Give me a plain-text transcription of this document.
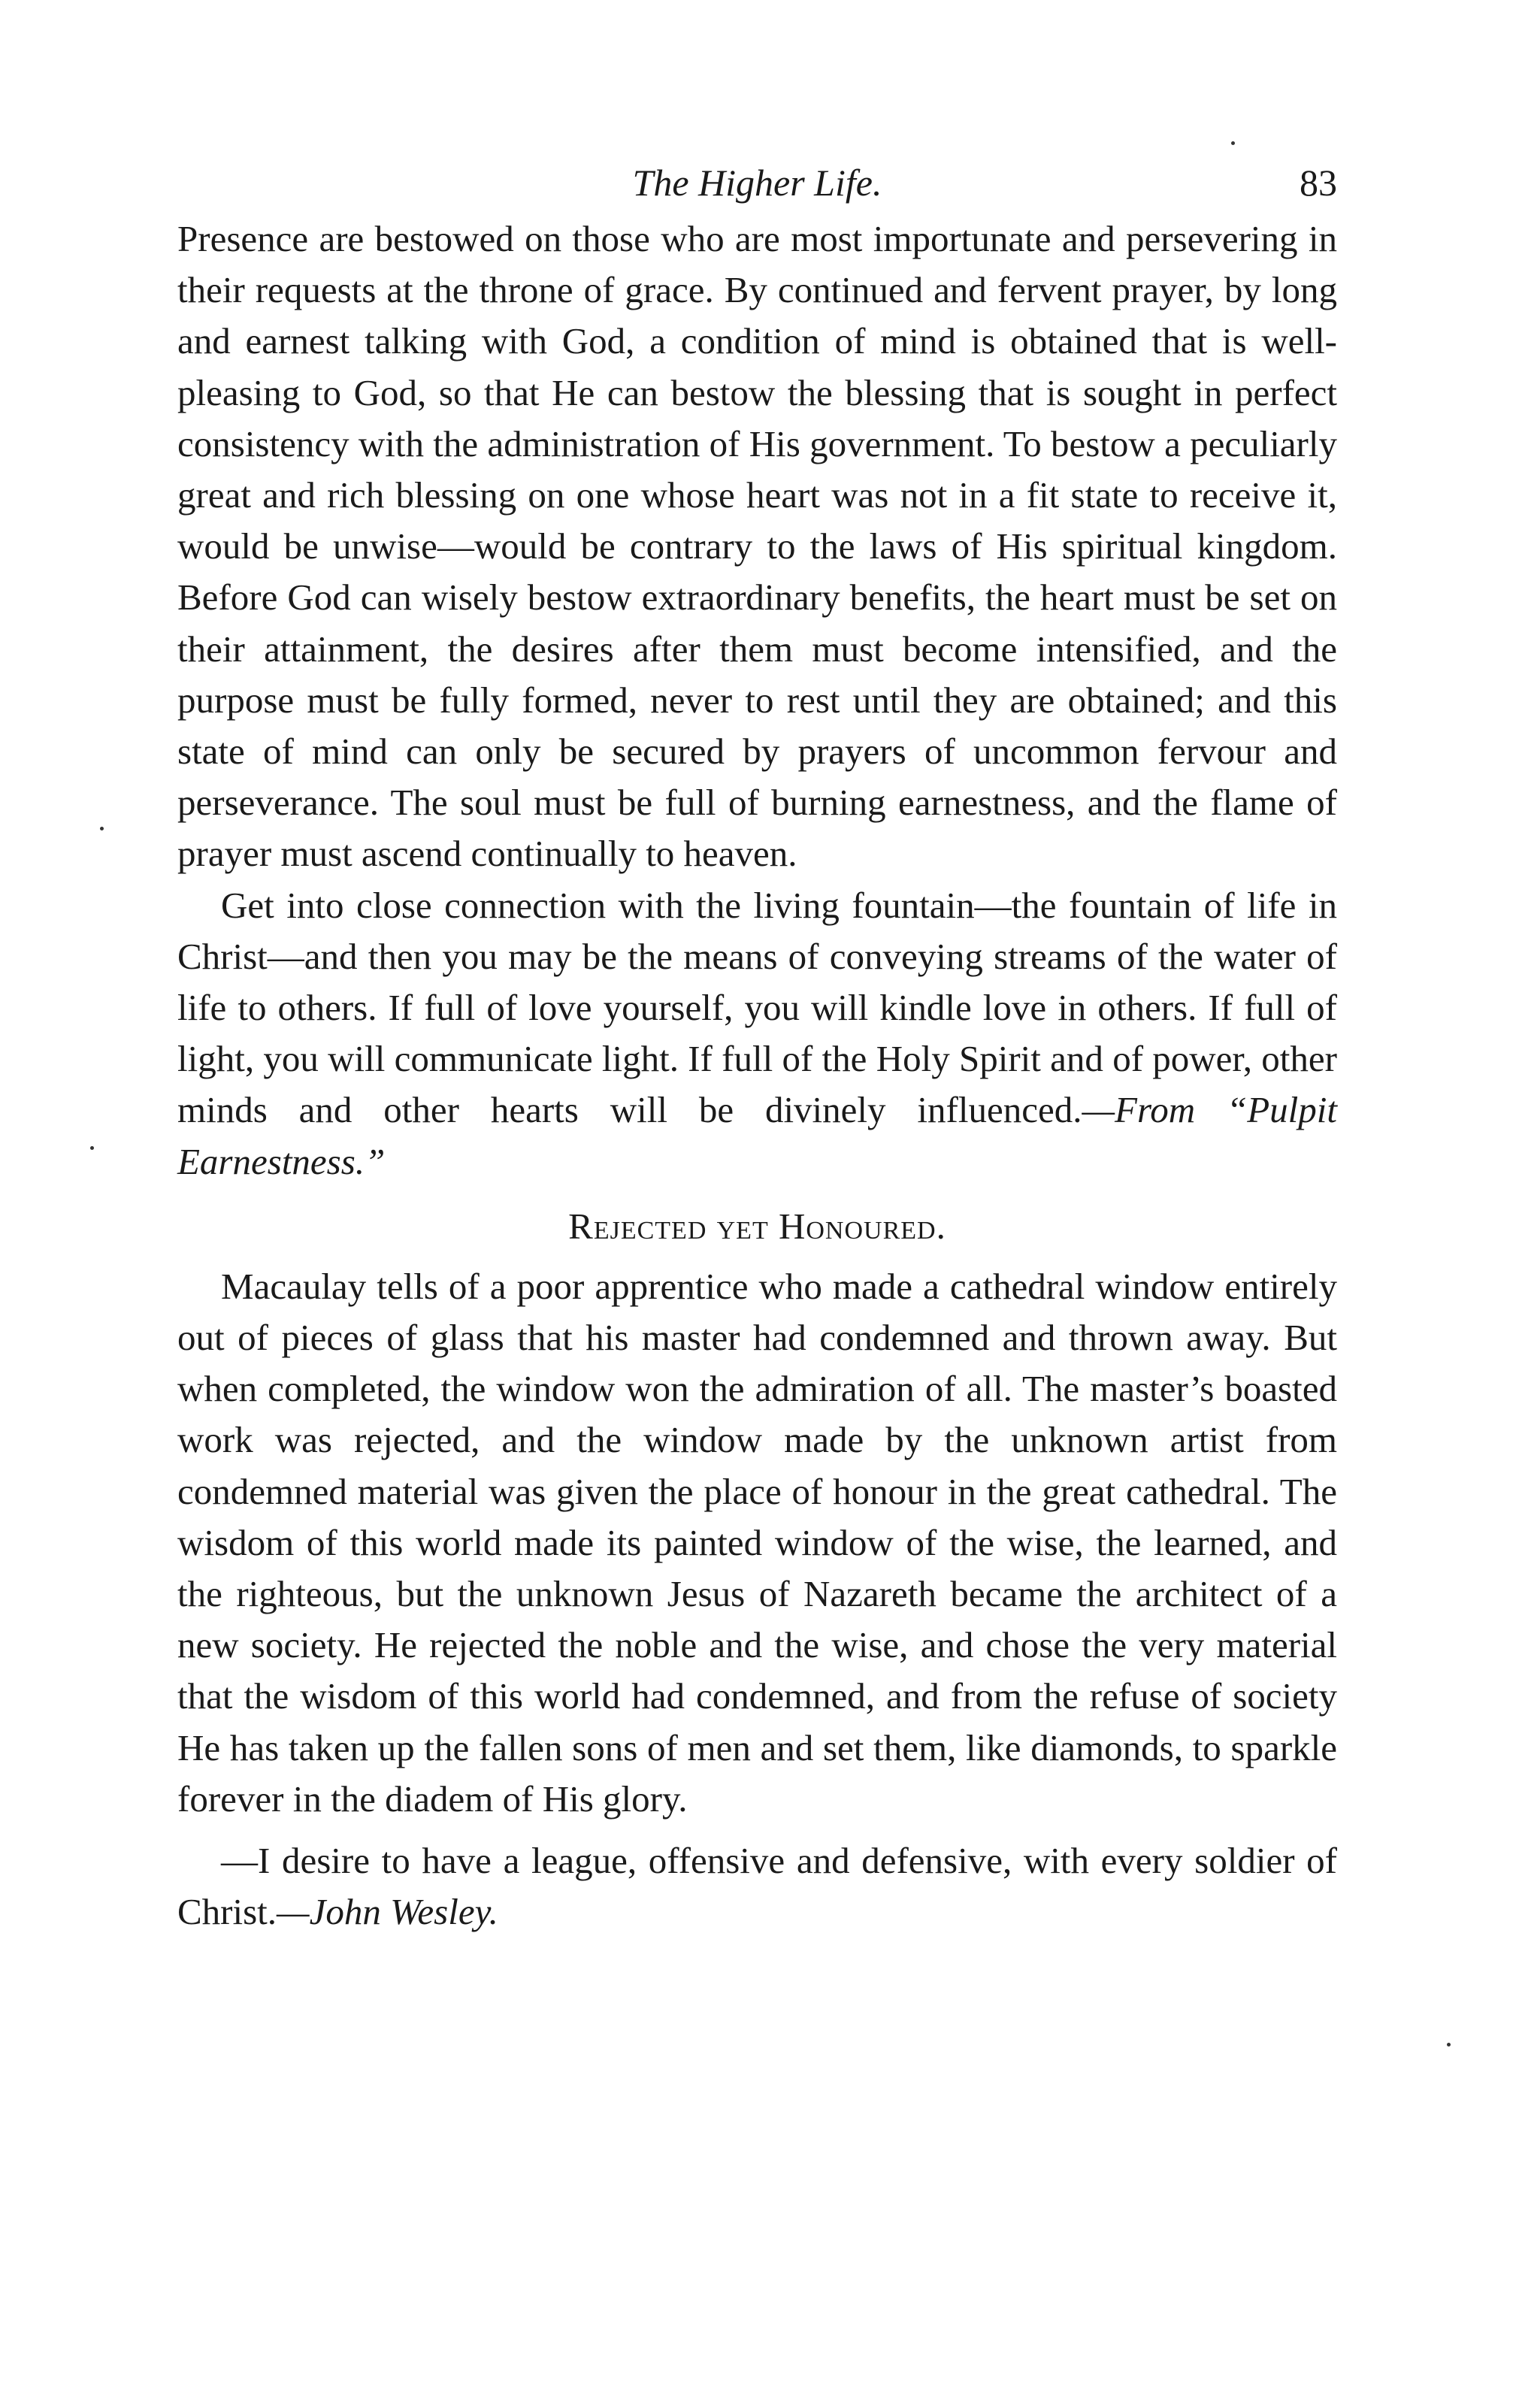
The Higher Life.	83

Presence are bestowed on those who are most importunate and persevering in their requests at the throne of grace. By continued and fervent prayer, by long and earnest talking with God, a condition of mind is obtained that is well-pleasing to God, so that He can bestow the blessing that is sought in perfect consistency with the administration of His government. To bestow a peculiarly great and rich blessing on one whose heart was not in a fit state to receive it, would be unwise—would be contrary to the laws of His spiritual kingdom. Before God can wisely bestow extraordinary benefits, the heart must be set on their attainment, the desires after them must become intensified, and the purpose must be fully formed, never to rest until they are obtained; and this state of mind can only be secured by prayers of uncommon fervour and perseverance. The soul must be full of burning earnestness, and the flame of prayer must ascend continually to heaven.

Get into close connection with the living fountain—the fountain of life in Christ—and then you may be the means of conveying streams of the water of life to others. If full of love yourself, you will kindle love in others. If full of light, you will communicate light. If full of the Holy Spirit and of power, other minds and other hearts will be divinely influenced.—From “Pulpit Earnestness.”

Rejected yet Honoured.

Macaulay tells of a poor apprentice who made a cathedral window entirely out of pieces of glass that his master had condemned and thrown away. But when completed, the window won the admiration of all. The master’s boasted work was rejected, and the window made by the unknown artist from condemned material was given the place of honour in the great cathedral. The wisdom of this world made its painted window of the wise, the learned, and the righteous, but the unknown Jesus of Nazareth became the architect of a new society. He rejected the noble and the wise, and chose the very material that the wisdom of this world had condemned, and from the refuse of society He has taken up the fallen sons of men and set them, like diamonds, to sparkle forever in the diadem of His glory.

—I desire to have a league, offensive and defensive, with every soldier of Christ.—John Wesley.
